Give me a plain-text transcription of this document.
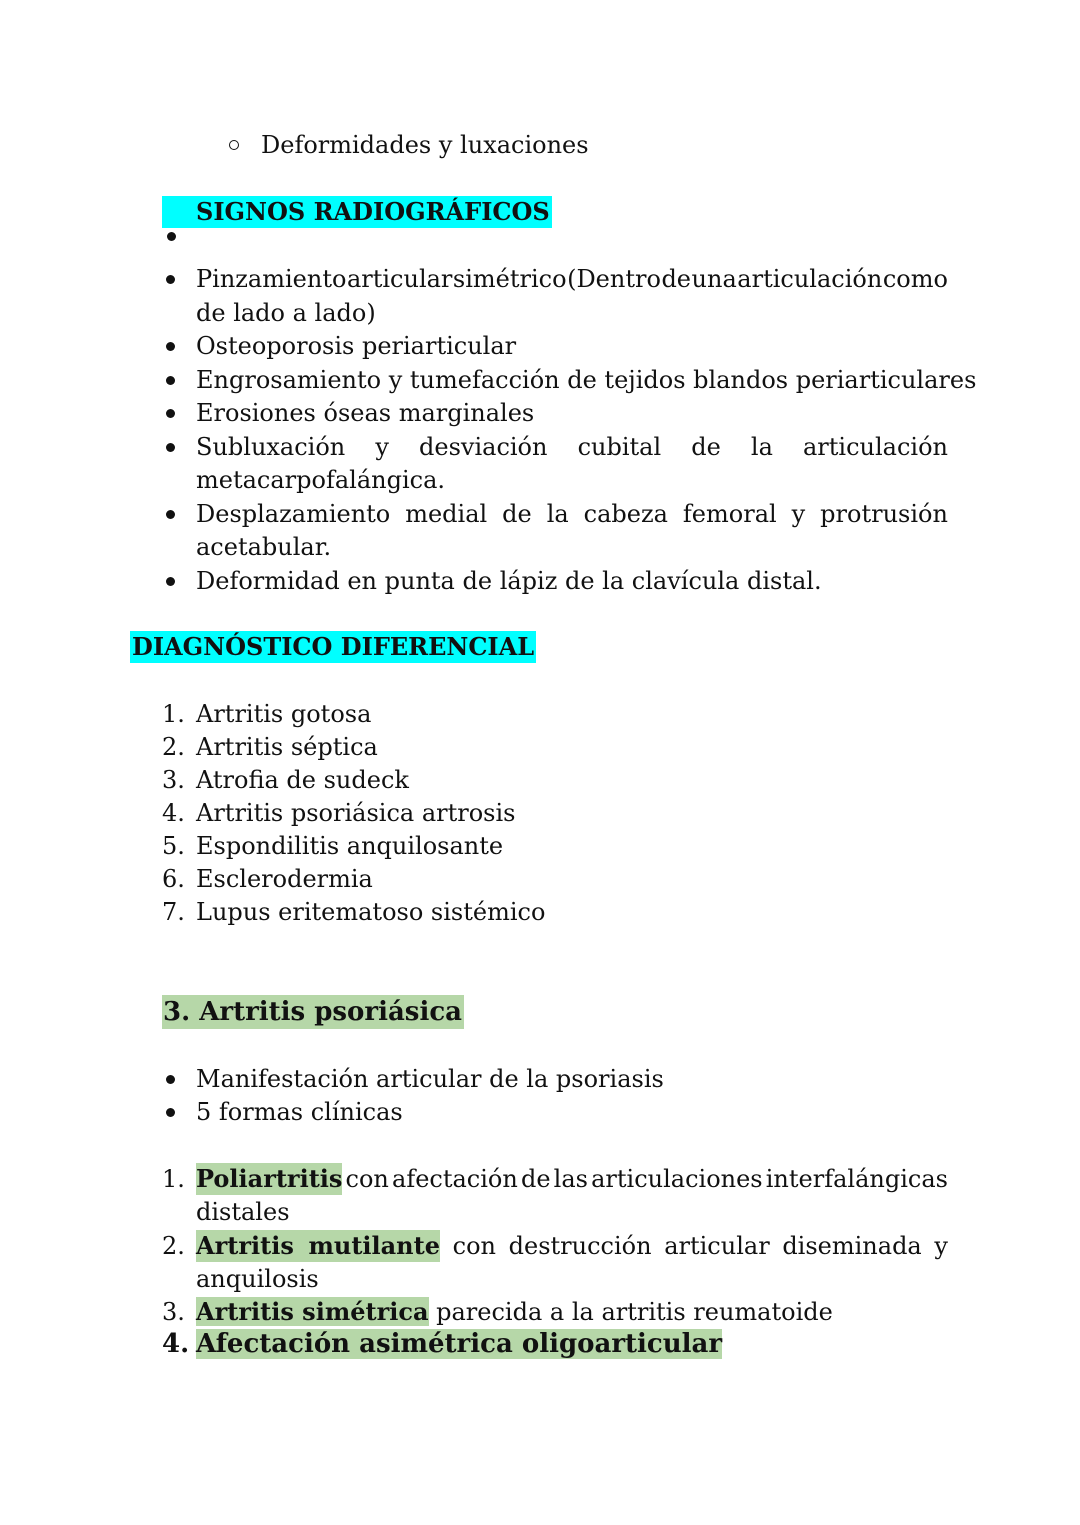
Deformidades y luxaciones
SIGNOS RADIOGRÁFICOS
Pinzamiento articular simétrico (Dentro de una articulación como
de lado a lado)
Osteoporosis periarticular
Engrosamiento y tumefacción de tejidos blandos periarticulares
Erosiones óseas marginales
Subluxación y desviación cubital de la articulación
metacarpofalángica.
Desplazamiento medial de la cabeza femoral y protrusión
acetabular.
Deformidad en punta de lápiz de la clavícula distal.
DIAGNÓSTICO DIFERENCIAL
1. Artritis gotosa
2. Artritis séptica
3. Atrofia de sudeck
4. Artritis psoriásica artrosis
5. Espondilitis anquilosante
6. Esclerodermia
7. Lupus eritematoso sistémico
3. Artritis psoriásica
Manifestación articular de la psoriasis
5 formas clínicas
1. Poliartritis con afectación de las articulaciones interfalángicas
distales
2. Artritis mutilante con destrucción articular diseminada y
anquilosis
3. Artritis simétrica parecida a la artritis reumatoide
4. Afectación asimétrica oligoarticular
